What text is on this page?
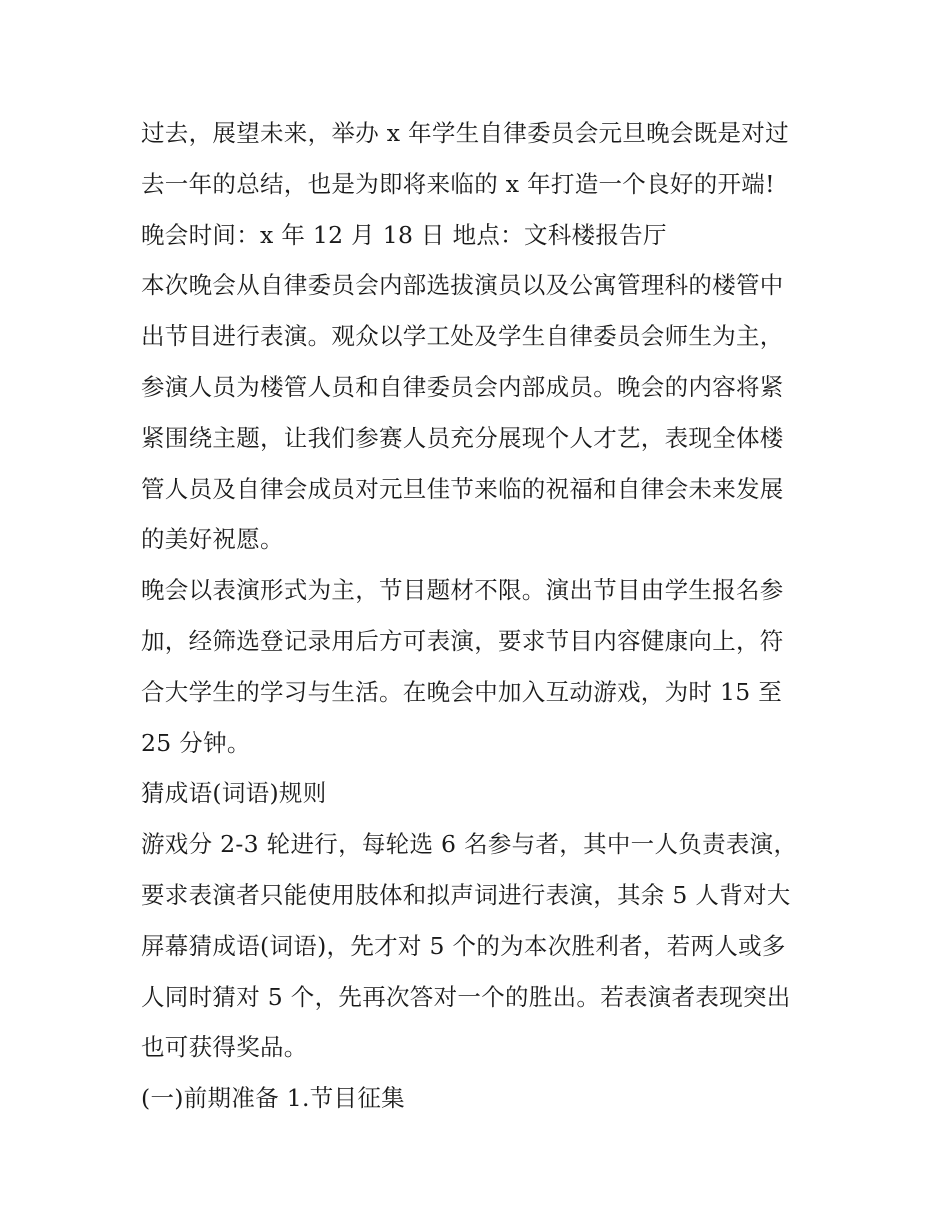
过去，展望未来，举办 x 年学生自律委员会元旦晚会既是对过
去一年的总结，也是为即将来临的 x 年打造一个良好的开端!
晚会时间：x 年 12 月 18 日 地点：文科楼报告厅
本次晚会从自律委员会内部选拔演员以及公寓管理科的楼管中
出节目进行表演。观众以学工处及学生自律委员会师生为主，
参演人员为楼管人员和自律委员会内部成员。晚会的内容将紧
紧围绕主题，让我们参赛人员充分展现个人才艺，表现全体楼
管人员及自律会成员对元旦佳节来临的祝福和自律会未来发展
的美好祝愿。
晚会以表演形式为主，节目题材不限。演出节目由学生报名参
加，经筛选登记录用后方可表演，要求节目内容健康向上，符
合大学生的学习与生活。在晚会中加入互动游戏，为时 15 至
25 分钟。
猜成语(词语)规则
游戏分 2-3 轮进行，每轮选 6 名参与者，其中一人负责表演，
要求表演者只能使用肢体和拟声词进行表演，其余 5 人背对大
屏幕猜成语(词语)，先才对 5 个的为本次胜利者，若两人或多
人同时猜对 5 个，先再次答对一个的胜出。若表演者表现突出
也可获得奖品。
(一)前期准备 1.节目征集
